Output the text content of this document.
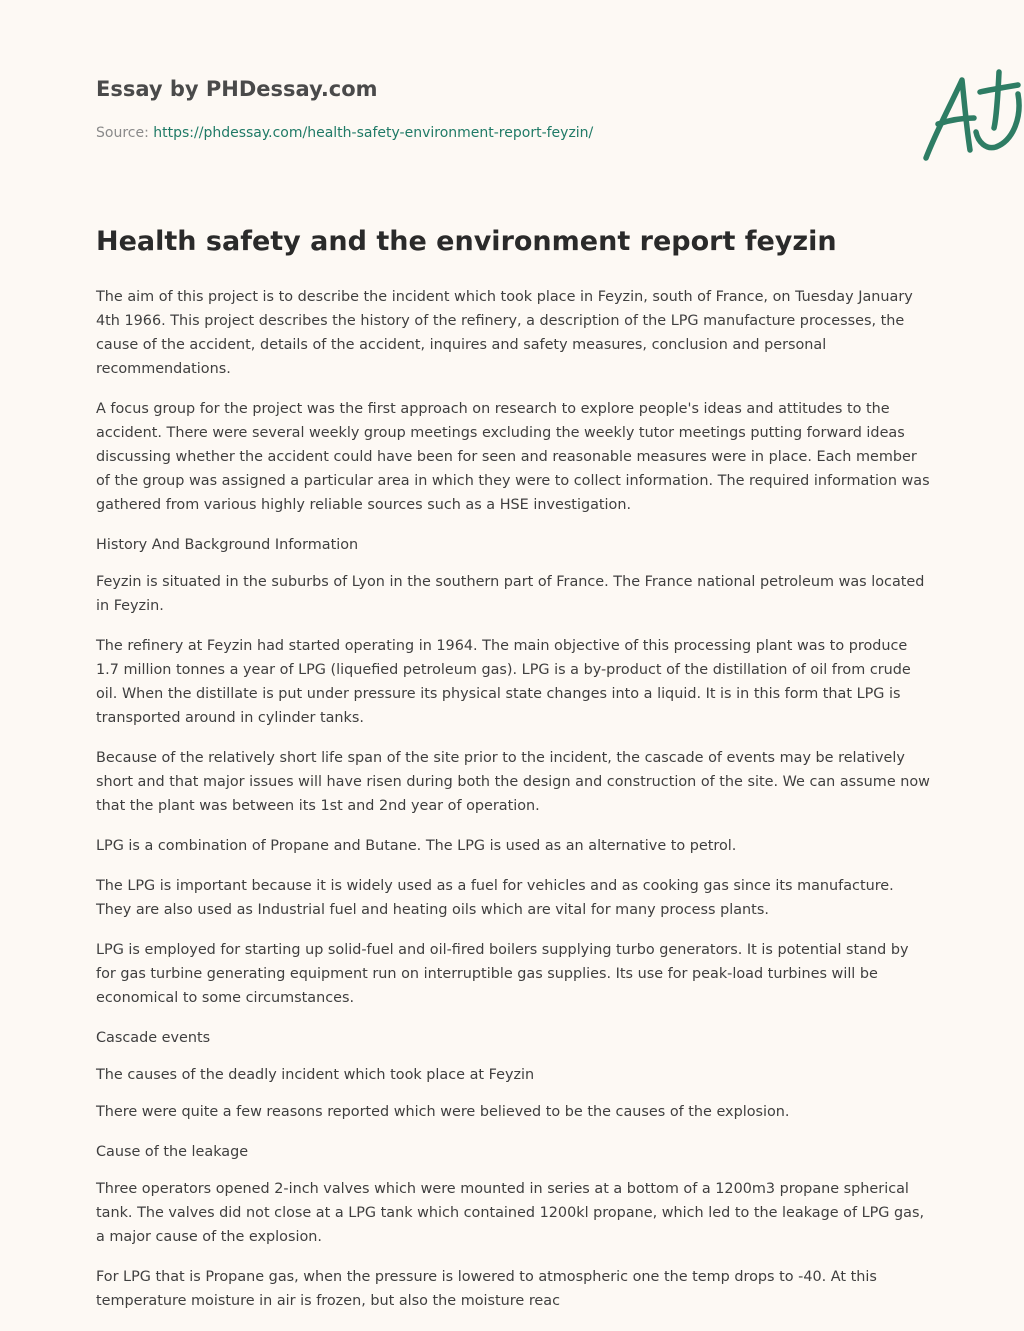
Essay by PHDessay.com
Source: https://phdessay.com/health-safety-environment-report-feyzin/
Health safety and the environment report feyzin

The aim of this project is to describe the incident which took place in Feyzin, south of France, on Tuesday January 4th 1966. This project describes the history of the refinery, a description of the LPG manufacture processes, the cause of the accident, details of the accident, inquires and safety measures, conclusion and personal recommendations.

A focus group for the project was the first approach on research to explore people's ideas and attitudes to the accident. There were several weekly group meetings excluding the weekly tutor meetings putting forward ideas discussing whether the accident could have been for seen and reasonable measures were in place. Each member of the group was assigned a particular area in which they were to collect information. The required information was gathered from various highly reliable sources such as a HSE investigation.

History And Background Information

Feyzin is situated in the suburbs of Lyon in the southern part of France. The France national petroleum was located in Feyzin.

The refinery at Feyzin had started operating in 1964. The main objective of this processing plant was to produce 1.7 million tonnes a year of LPG (liquefied petroleum gas). LPG is a by-product of the distillation of oil from crude oil. When the distillate is put under pressure its physical state changes into a liquid. It is in this form that LPG is transported around in cylinder tanks.

Because of the relatively short life span of the site prior to the incident, the cascade of events may be relatively short and that major issues will have risen during both the design and construction of the site. We can assume now that the plant was between its 1st and 2nd year of operation.

LPG is a combination of Propane and Butane. The LPG is used as an alternative to petrol.

The LPG is important because it is widely used as a fuel for vehicles and as cooking gas since its manufacture. They are also used as Industrial fuel and heating oils which are vital for many process plants.

LPG is employed for starting up solid-fuel and oil-fired boilers supplying turbo generators. It is potential stand by for gas turbine generating equipment run on interruptible gas supplies. Its use for peak-load turbines will be economical to some circumstances.

Cascade events

The causes of the deadly incident which took place at Feyzin

There were quite a few reasons reported which were believed to be the causes of the explosion.

Cause of the leakage

Three operators opened 2-inch valves which were mounted in series at a bottom of a 1200m3 propane spherical tank. The valves did not close at a LPG tank which contained 1200kl propane, which led to the leakage of LPG gas, a major cause of the explosion.

For LPG that is Propane gas, when the pressure is lowered to atmospheric one the temp drops to -40. At this temperature moisture in air is frozen, but also the moisture reac
